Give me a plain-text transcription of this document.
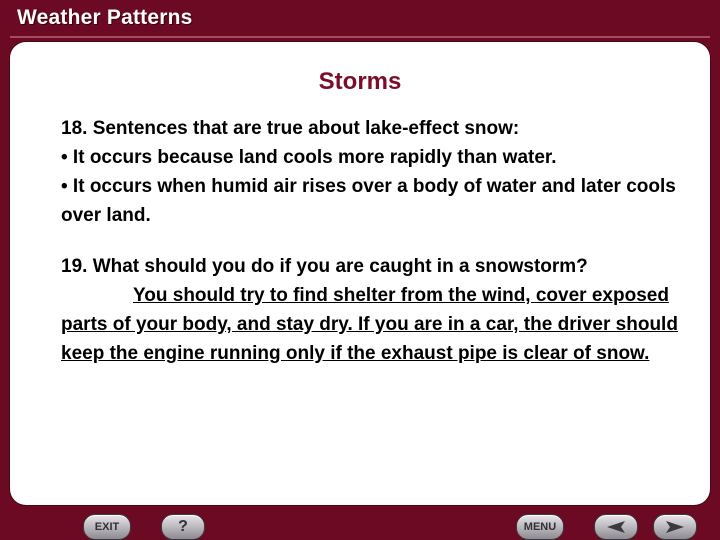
Weather Patterns
Storms

18. Sentences that are true about lake-effect snow:

• It occurs because land cools more rapidly than water.

• It occurs when humid air rises over a body of water and later cools over land.

19. What should you do if you are caught in a snowstorm?

You should try to find shelter from the wind, cover exposed parts of your body, and stay dry. If you are in a car, the driver should keep the engine running only if the exhaust pipe is clear of snow.

EXIT	?	MENU
